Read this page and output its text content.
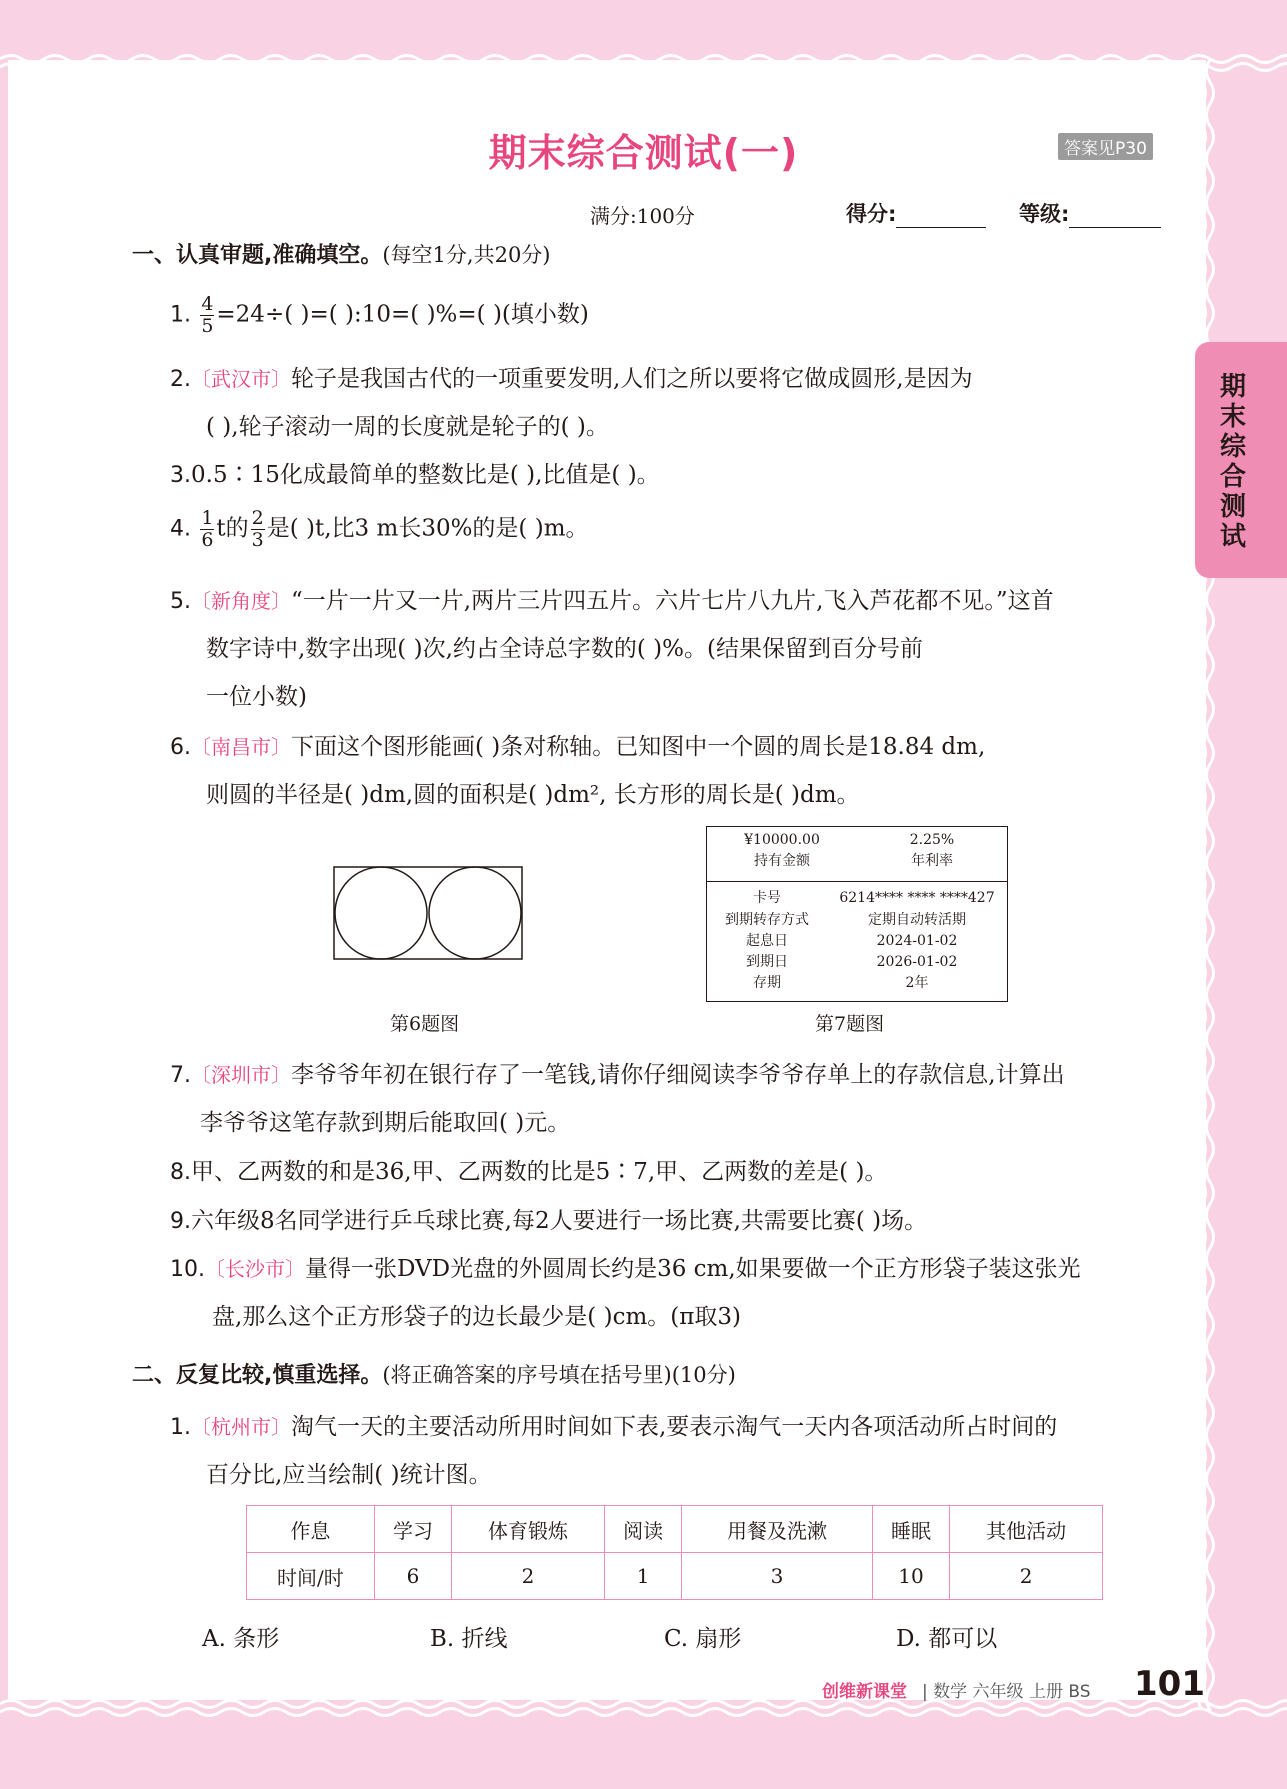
期末综合测试(一)	答案见P30
期末综合测试
满分:100分	得分:	等级:
一、认真审题,准确填空。(每空1分,共20分)
1. $\frac{4}{5} =24\div$( )=( ):10=( )%=( )(填小数)
2.〔武汉市〕轮子是我国古代的一项重要发明,人们之所以要将它做成圆形,是因为
( ),轮子滚动一周的长度就是轮子的( )。
3.0.5∶15化成最简单的整数比是( ),比值是( )。
4. $\frac{1}{6}$ t的 $\frac{2}{3}$ 是( )t,比3 m长30%的是( )m。
5.〔新角度〕“一片一片又一片,两片三片四五片。六片七片八九片,飞入芦花都不见。”这首
数字诗中,数字出现( )次,约占全诗总字数的( )%。(结果保留到百分号前
一位小数)
6.〔南昌市〕下面这个图形能画( )条对称轴。已知图中一个圆的周长是18.84 dm,
则圆的半径是( )dm,圆的面积是( )dm², 长方形的周长是( )dm。
第6题图
¥10000.00	2.25%
持有金额	年利率
卡号	6214**** **** ****427
到期转存方式	定期自动转活期
起息日	2024-01-02
到期日	2026-01-02
存期	2年
第7题图
7.〔深圳市〕李爷爷年初在银行存了一笔钱,请你仔细阅读李爷爷存单上的存款信息,计算出
李爷爷这笔存款到期后能取回( )元。
8.甲、乙两数的和是36,甲、乙两数的比是5∶7,甲、乙两数的差是( )。
9.六年级8名同学进行乒乓球比赛,每2人要进行一场比赛,共需要比赛( )场。
10.〔长沙市〕量得一张DVD光盘的外圆周长约是36 cm,如果要做一个正方形袋子装这张光
盘,那么这个正方形袋子的边长最少是( )cm。(π取3)
二、反复比较,慎重选择。(将正确答案的序号填在括号里)(10分)
1.〔杭州市〕淘气一天的主要活动所用时间如下表,要表示淘气一天内各项活动所占时间的
百分比,应当绘制( )统计图。
作息	学习	体育锻炼	阅读	用餐及洗漱	睡眠	其他活动
时间/时	6	2	1	3	10	2
A. 条形	B. 折线	C. 扇形	D. 都可以
创维新课堂 | 数学 六年级 上册 BS 101
